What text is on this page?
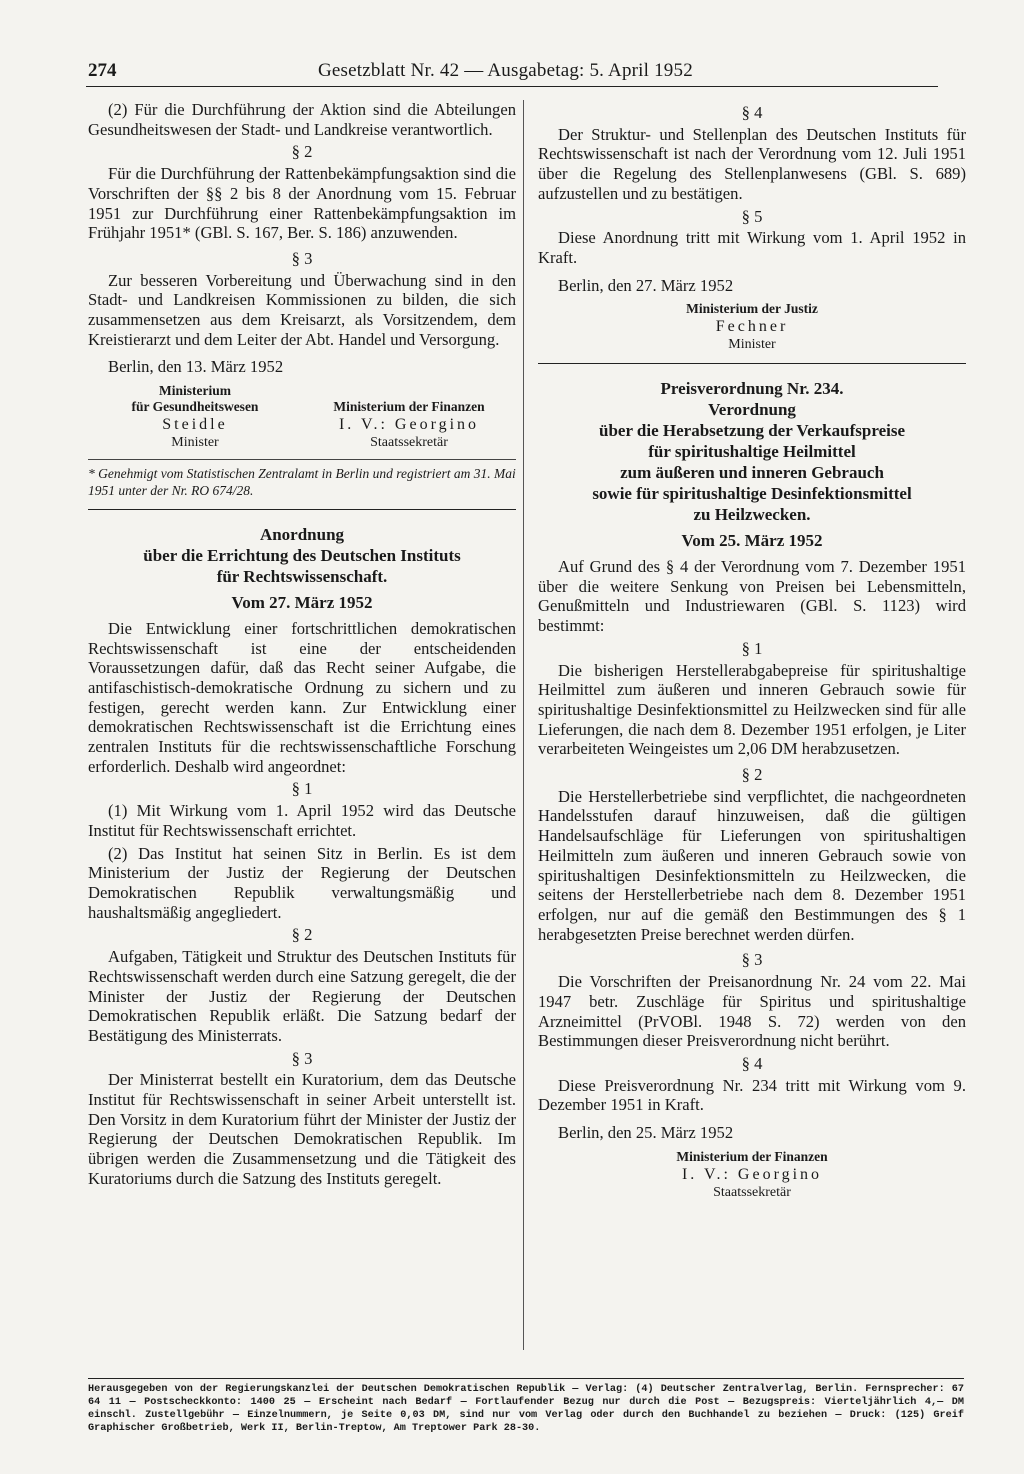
274	Gesetzblatt Nr. 42 — Ausgabetag: 5. April 1952

(2) Für die Durchführung der Aktion sind die Abteilungen Gesundheitswesen der Stadt- und Landkreise verantwortlich.

§ 2

Für die Durchführung der Rattenbekämpfungsaktion sind die Vorschriften der §§ 2 bis 8 der Anordnung vom 15. Februar 1951 zur Durchführung einer Rattenbekämpfungsaktion im Frühjahr 1951* (GBl. S. 167, Ber. S. 186) anzuwenden.

§ 3

Zur besseren Vorbereitung und Überwachung sind in den Stadt- und Landkreisen Kommissionen zu bilden, die sich zusammensetzen aus dem Kreisarzt, als Vorsitzendem, dem Kreistierarzt und dem Leiter der Abt. Handel und Versorgung.

Berlin, den 13. März 1952

Ministerium
für Gesundheitswesen
Steidle
Minister
Ministerium der Finanzen
I. V.: Georgino
Staatssekretär
* Genehmigt vom Statistischen Zentralamt in Berlin und registriert am 31. Mai 1951 unter der Nr. RO 674/28.
Anordnung
über die Errichtung des Deutschen Instituts
für Rechtswissenschaft.
Vom 27. März 1952

Die Entwicklung einer fortschrittlichen demokratischen Rechtswissenschaft ist eine der entscheidenden Voraussetzungen dafür, daß das Recht seiner Aufgabe, die antifaschistisch-demokratische Ordnung zu sichern und zu festigen, gerecht werden kann. Zur Entwicklung einer demokratischen Rechtswissenschaft ist die Errichtung eines zentralen Instituts für die rechtswissenschaftliche Forschung erforderlich. Deshalb wird angeordnet:

§ 1

(1) Mit Wirkung vom 1. April 1952 wird das Deutsche Institut für Rechtswissenschaft errichtet.

(2) Das Institut hat seinen Sitz in Berlin. Es ist dem Ministerium der Justiz der Regierung der Deutschen Demokratischen Republik verwaltungsmäßig und haushaltsmäßig angegliedert.

§ 2

Aufgaben, Tätigkeit und Struktur des Deutschen Instituts für Rechtswissenschaft werden durch eine Satzung geregelt, die der Minister der Justiz der Regierung der Deutschen Demokratischen Republik erläßt. Die Satzung bedarf der Bestätigung des Ministerrats.

§ 3

Der Ministerrat bestellt ein Kuratorium, dem das Deutsche Institut für Rechtswissenschaft in seiner Arbeit unterstellt ist. Den Vorsitz in dem Kuratorium führt der Minister der Justiz der Regierung der Deutschen Demokratischen Republik. Im übrigen werden die Zusammensetzung und die Tätigkeit des Kuratoriums durch die Satzung des Instituts geregelt.

§ 4

Der Struktur- und Stellenplan des Deutschen Instituts für Rechtswissenschaft ist nach der Verordnung vom 12. Juli 1951 über die Regelung des Stellenplanwesens (GBl. S. 689) aufzustellen und zu bestätigen.

§ 5

Diese Anordnung tritt mit Wirkung vom 1. April 1952 in Kraft.

Berlin, den 27. März 1952

Ministerium der Justiz
Fechner
Minister
Preisverordnung Nr. 234.
Verordnung
über die Herabsetzung der Verkaufspreise
für spiritushaltige Heilmittel
zum äußeren und inneren Gebrauch
sowie für spiritushaltige Desinfektionsmittel
zu Heilzwecken.
Vom 25. März 1952

Auf Grund des § 4 der Verordnung vom 7. Dezember 1951 über die weitere Senkung von Preisen bei Lebensmitteln, Genußmitteln und Industriewaren (GBl. S. 1123) wird bestimmt:

§ 1

Die bisherigen Herstellerabgabepreise für spiritushaltige Heilmittel zum äußeren und inneren Gebrauch sowie für spiritushaltige Desinfektionsmittel zu Heilzwecken sind für alle Lieferungen, die nach dem 8. Dezember 1951 erfolgen, je Liter verarbeiteten Weingeistes um 2,06 DM herabzusetzen.

§ 2

Die Herstellerbetriebe sind verpflichtet, die nachgeordneten Handelsstufen darauf hinzuweisen, daß die gültigen Handelsaufschläge für Lieferungen von spiritushaltigen Heilmitteln zum äußeren und inneren Gebrauch sowie von spiritushaltigen Desinfektionsmitteln zu Heilzwecken, die seitens der Herstellerbetriebe nach dem 8. Dezember 1951 erfolgen, nur auf die gemäß den Bestimmungen des § 1 herabgesetzten Preise berechnet werden dürfen.

§ 3

Die Vorschriften der Preisanordnung Nr. 24 vom 22. Mai 1947 betr. Zuschläge für Spiritus und spiritushaltige Arzneimittel (PrVOBl. 1948 S. 72) werden von den Bestimmungen dieser Preisverordnung nicht berührt.

§ 4

Diese Preisverordnung Nr. 234 tritt mit Wirkung vom 9. Dezember 1951 in Kraft.

Berlin, den 25. März 1952

Ministerium der Finanzen
I. V.: Georgino
Staatssekretär
Herausgegeben von der Regierungskanzlei der Deutschen Demokratischen Republik — Verlag: (4) Deutscher Zentralverlag, Berlin. Fernsprecher: 67 64 11 — Postscheckkonto: 1400 25 — Erscheint nach Bedarf — Fortlaufender Bezug nur durch die Post — Bezugspreis: Vierteljährlich 4,— DM einschl. Zustellgebühr — Einzelnummern, je Seite 0,03 DM, sind nur vom Verlag oder durch den Buchhandel zu beziehen — Druck: (125) Greif Graphischer Großbetrieb, Werk II, Berlin-Treptow, Am Treptower Park 28-30.
